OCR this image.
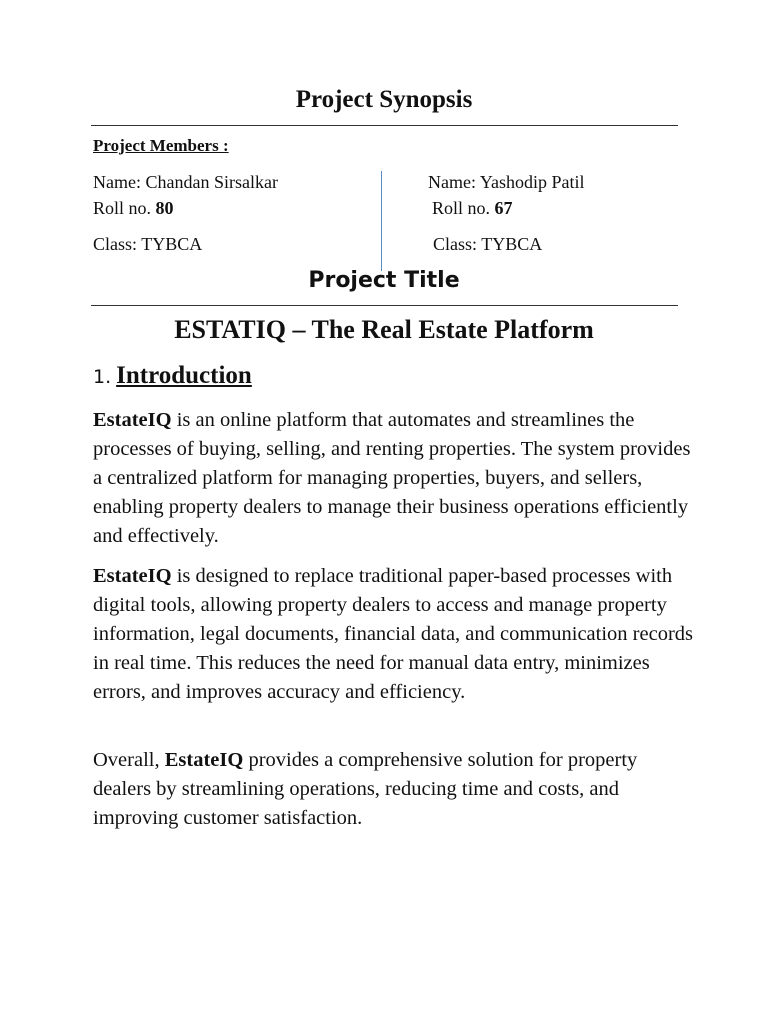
Project Synopsis
Project Members :
Name: Chandan Sirsalkar
Roll no. 80
Class: TYBCA
Name: Yashodip Patil
Roll no. 67
Class: TYBCA
Project Title
ESTATIQ – The Real Estate Platform
1. Introduction
EstateIQ is an online platform that automates and streamlines the processes of buying, selling, and renting properties. The system provides a centralized platform for managing properties, buyers, and sellers, enabling property dealers to manage their business operations efficiently and effectively.
EstateIQ is designed to replace traditional paper-based processes with digital tools, allowing property dealers to access and manage property information, legal documents, financial data, and communication records in real time. This reduces the need for manual data entry, minimizes errors, and improves accuracy and efficiency.
Overall, EstateIQ provides a comprehensive solution for property dealers by streamlining operations, reducing time and costs, and improving customer satisfaction.
